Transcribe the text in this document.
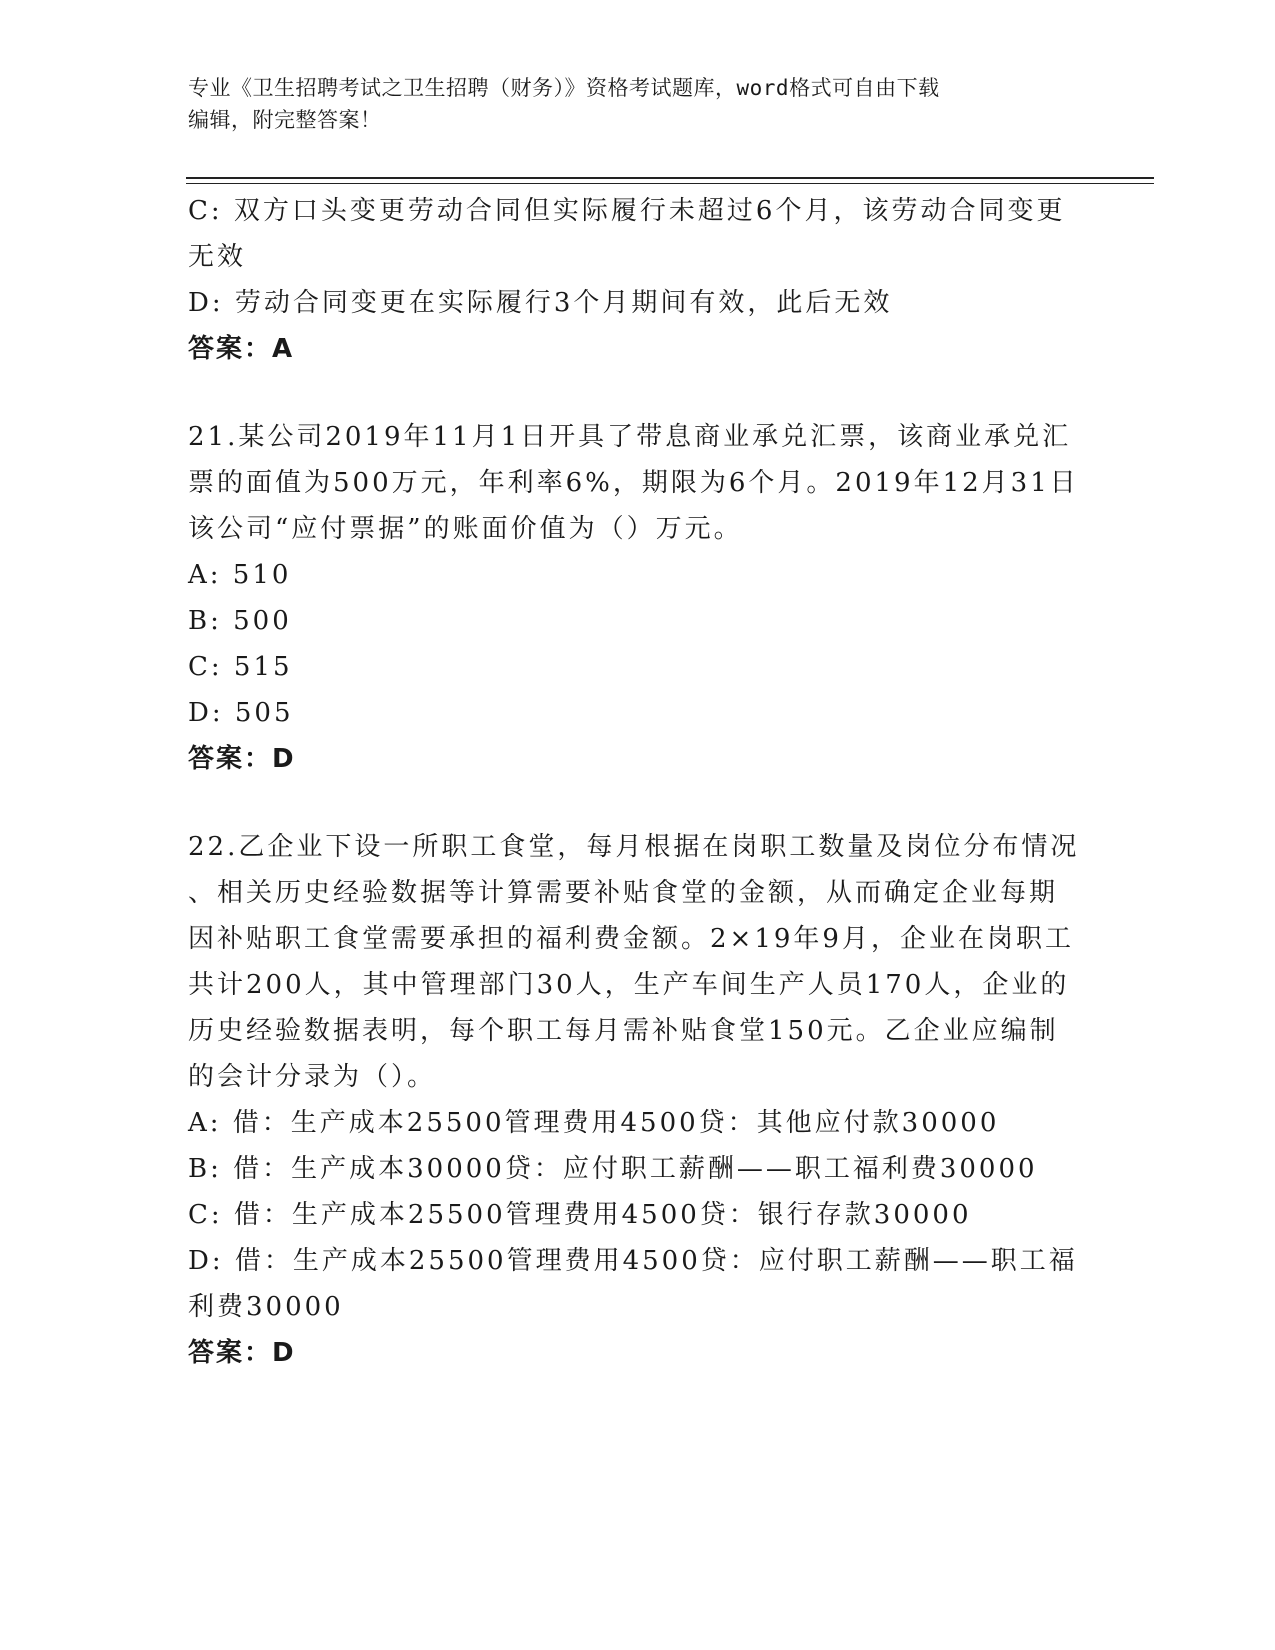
专业《卫生招聘考试之卫生招聘（财务）》资格考试题库，word格式可自由下载
编辑，附完整答案！
C: 双方口头变更劳动合同但实际履行未超过6个月，该劳动合同变更
无效
D: 劳动合同变更在实际履行3个月期间有效，此后无效
答案：A
21.某公司2019年11月1日开具了带息商业承兑汇票，该商业承兑汇
票的面值为500万元，年利率6%，期限为6个月。2019年12月31日
该公司“应付票据”的账面价值为（）万元。
A: 510
B: 500
C: 515
D: 505
答案：D
22.乙企业下设一所职工食堂，每月根据在岗职工数量及岗位分布情况
、相关历史经验数据等计算需要补贴食堂的金额，从而确定企业每期
因补贴职工食堂需要承担的福利费金额。2×19年9月，企业在岗职工
共计200人，其中管理部门30人，生产车间生产人员170人，企业的
历史经验数据表明，每个职工每月需补贴食堂150元。乙企业应编制
的会计分录为（）。
A: 借：生产成本25500管理费用4500贷：其他应付款30000
B: 借：生产成本30000贷：应付职工薪酬——职工福利费30000
C: 借：生产成本25500管理费用4500贷：银行存款30000
D: 借：生产成本25500管理费用4500贷：应付职工薪酬——职工福
利费30000
答案：D
